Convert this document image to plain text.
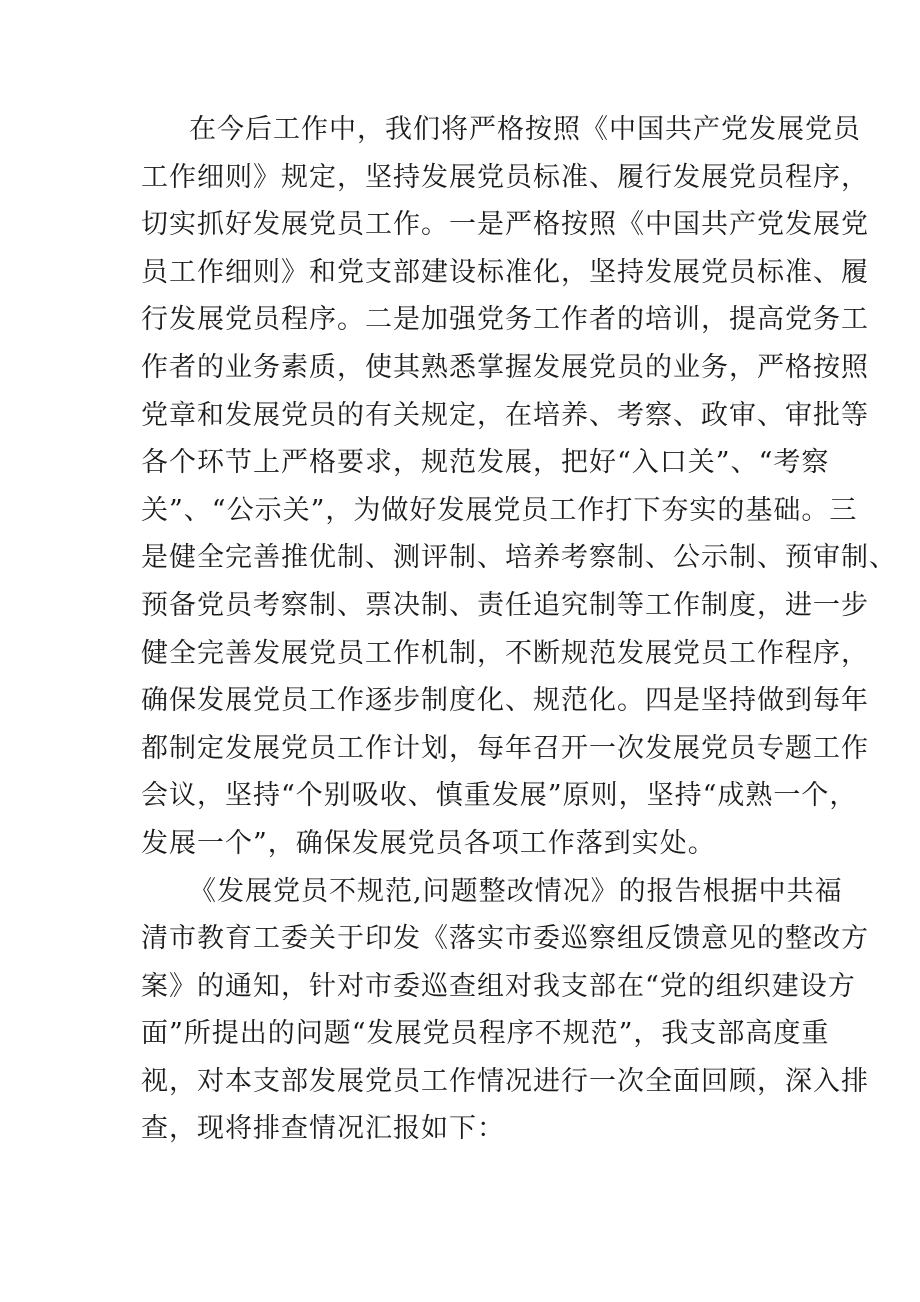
在今后工作中，我们将严格按照《中国共产党发展党员
工作细则》规定，坚持发展党员标准、履行发展党员程序，
切实抓好发展党员工作。一是严格按照《中国共产党发展党
员工作细则》和党支部建设标准化，坚持发展党员标准、履
行发展党员程序。二是加强党务工作者的培训，提高党务工
作者的业务素质，使其熟悉掌握发展党员的业务，严格按照
党章和发展党员的有关规定，在培养、考察、政审、审批等
各个环节上严格要求，规范发展，把好“入口关”、“考察
关”、“公示关”，为做好发展党员工作打下夯实的基础。三
是健全完善推优制、测评制、培养考察制、公示制、预审制、
预备党员考察制、票决制、责任追究制等工作制度，进一步
健全完善发展党员工作机制，不断规范发展党员工作程序，
确保发展党员工作逐步制度化、规范化。四是坚持做到每年
都制定发展党员工作计划，每年召开一次发展党员专题工作
会议，坚持“个别吸收、慎重发展”原则，坚持“成熟一个，
发展一个”，确保发展党员各项工作落到实处。
《发展党员不规范,问题整改情况》的报告根据中共福
清市教育工委关于印发《落实市委巡察组反馈意见的整改方
案》的通知，针对市委巡查组对我支部在“党的组织建设方
面”所提出的问题“发展党员程序不规范”，我支部高度重
视，对本支部发展党员工作情况进行一次全面回顾，深入排
查，现将排查情况汇报如下：
